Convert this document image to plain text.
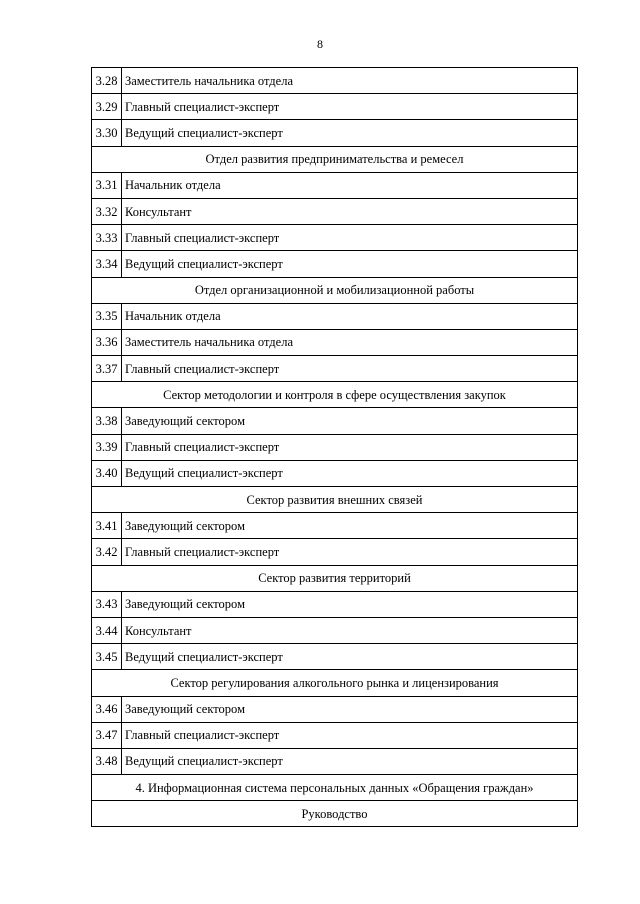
8
3.28	Заместитель начальника отдела
3.29	Главный специалист-эксперт
3.30	Ведущий специалист-эксперт
Отдел развития предпринимательства и ремесел	
3.31	Начальник отдела
3.32	Консультант
3.33	Главный специалист-эксперт
3.34	Ведущий специалист-эксперт
Отдел организационной и мобилизационной работы	
3.35	Начальник отдела
3.36	Заместитель начальника отдела
3.37	Главный специалист-эксперт
Сектор методологии и контроля в сфере осуществления закупок	
3.38	Заведующий сектором
3.39	Главный специалист-эксперт
3.40	Ведущий специалист-эксперт
Сектор развития внешних связей	
3.41	Заведующий сектором
3.42	Главный специалист-эксперт
Сектор развития территорий	
3.43	Заведующий сектором
3.44	Консультант
3.45	Ведущий специалист-эксперт
Сектор регулирования алкогольного рынка и лицензирования	
3.46	Заведующий сектором
3.47	Главный специалист-эксперт
3.48	Ведущий специалист-эксперт
4. Информационная система персональных данных «Обращения граждан»	
Руководство	
